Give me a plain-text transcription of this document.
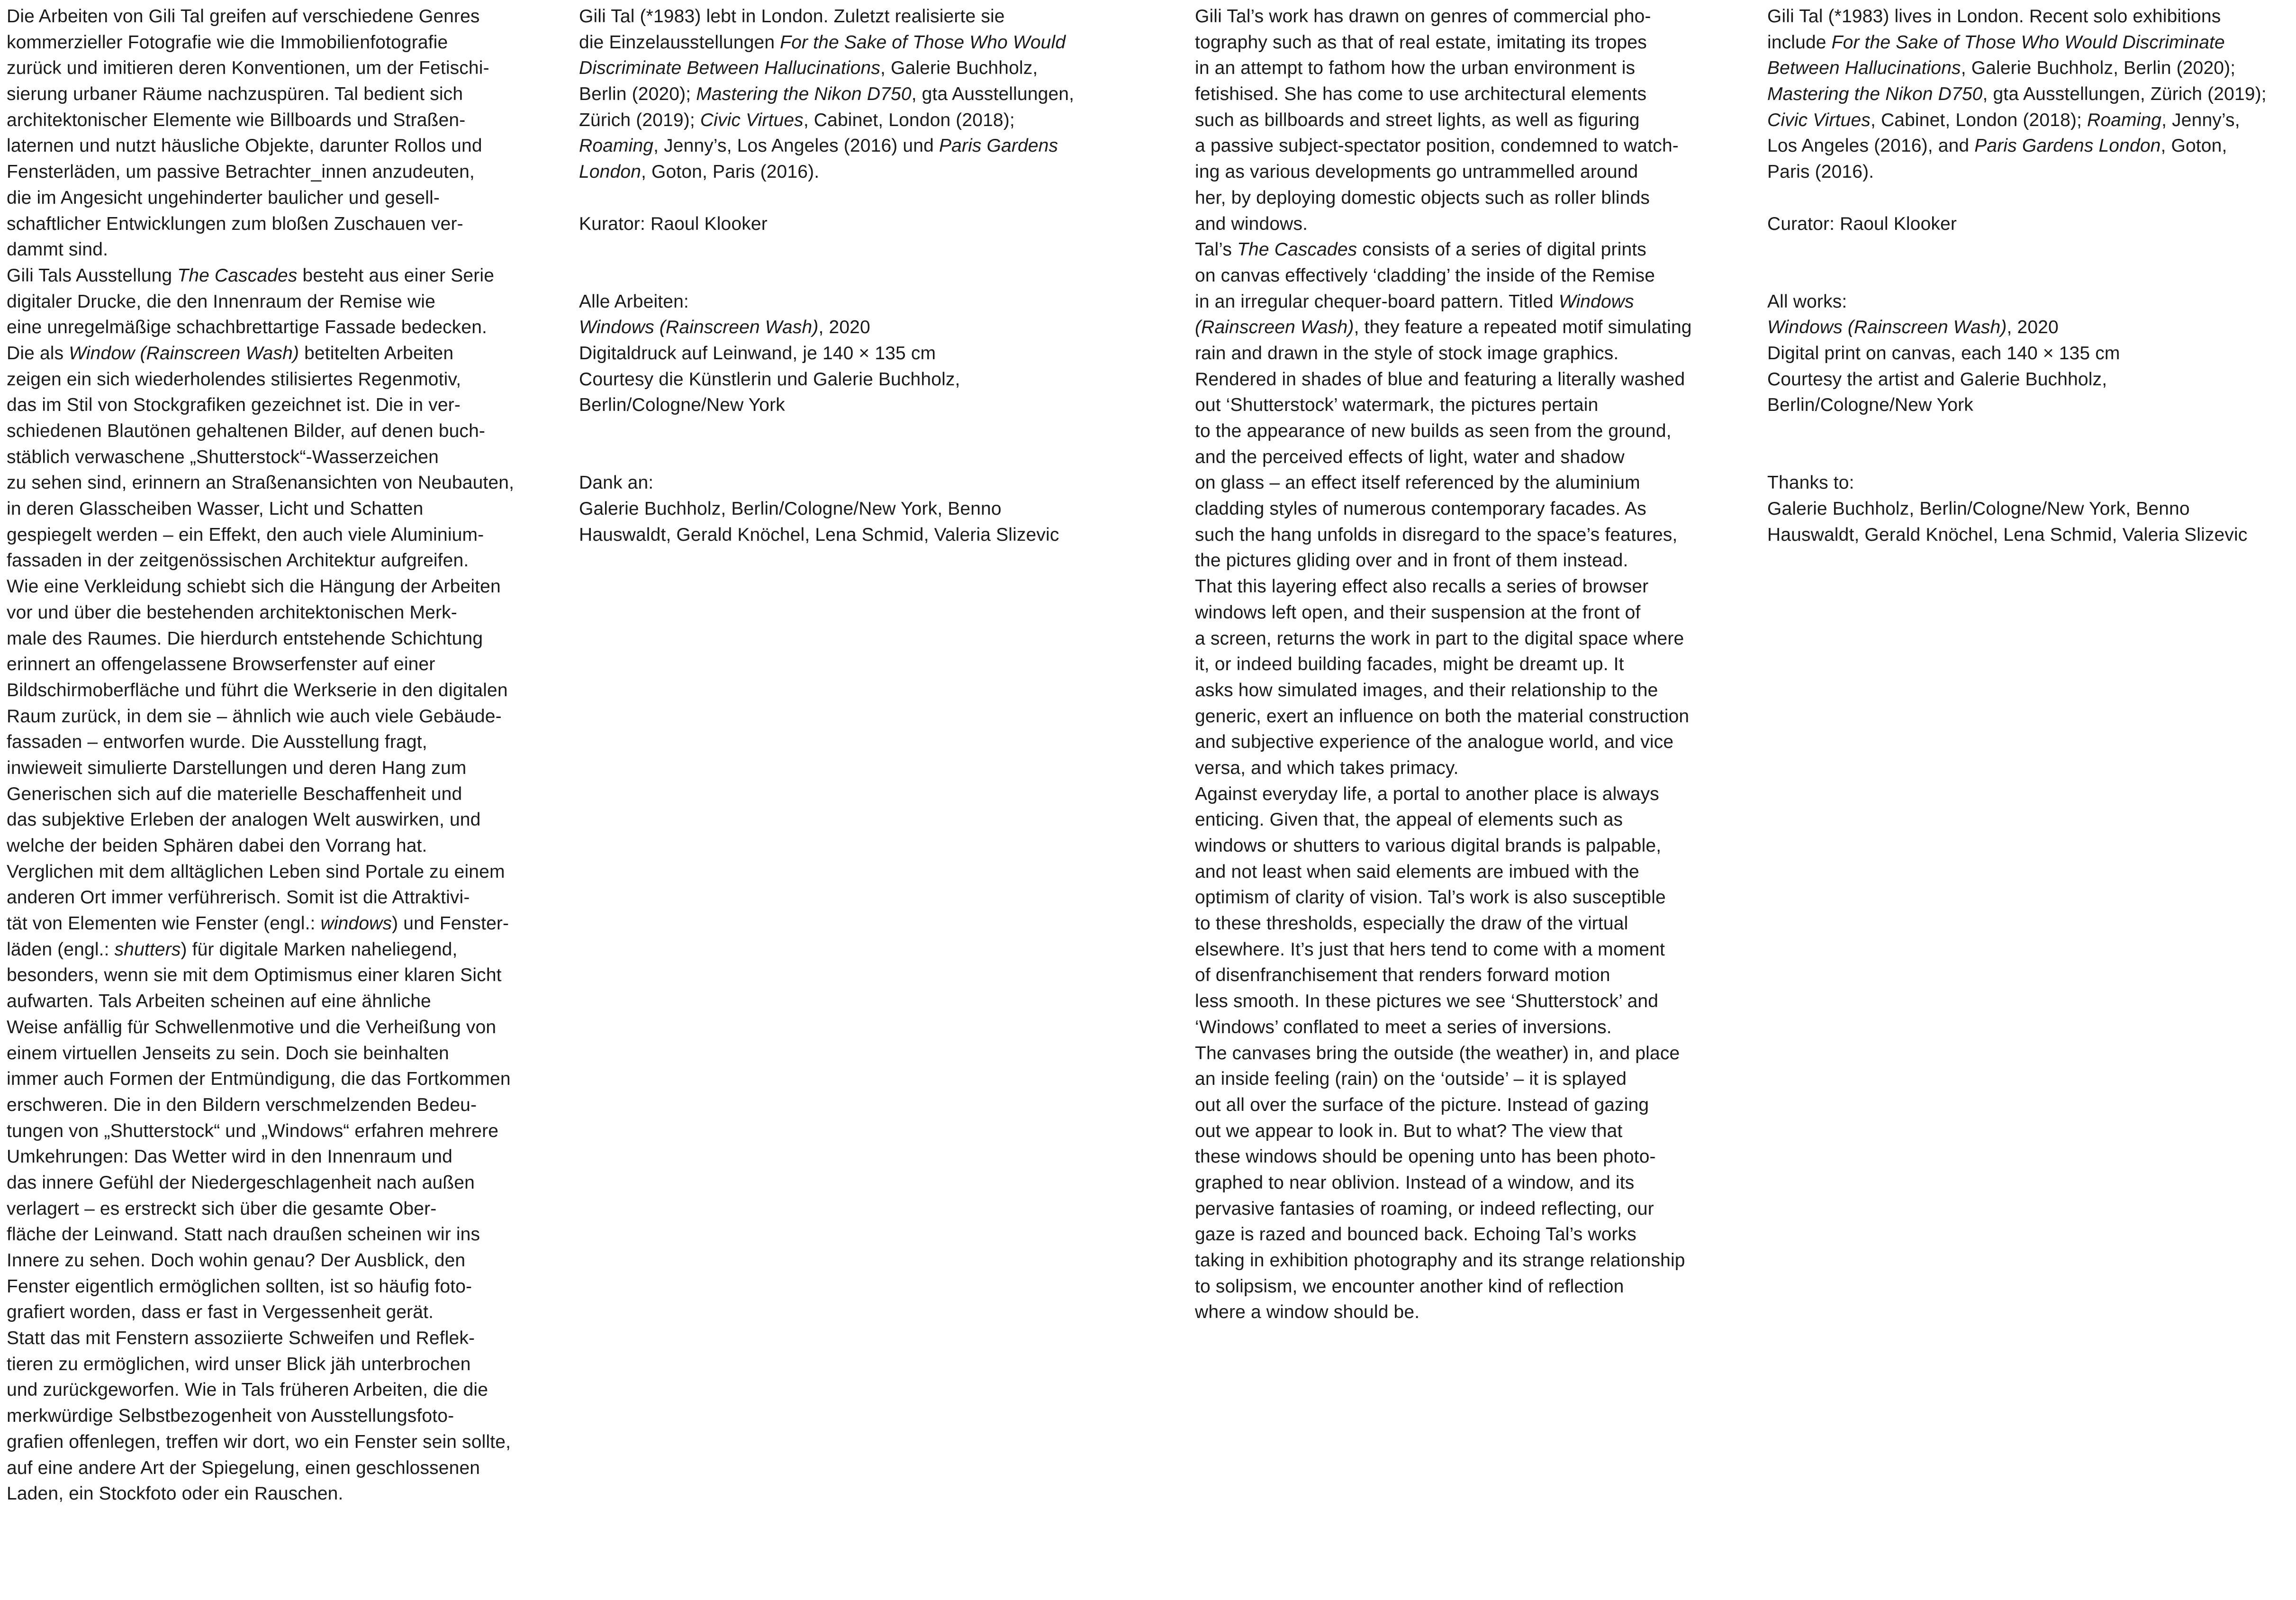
Die Arbeiten von Gili Tal greifen auf verschiedene Genres
kommerzieller Fotografie wie die Immobilienfotografie
zurück und imitieren deren Konventionen, um der Fetischi-
sierung urbaner Räume nachzuspüren. Tal bedient sich
architektonischer Elemente wie Billboards und Straßen-
laternen und nutzt häusliche Objekte, darunter Rollos und
Fensterläden, um passive Betrachter_innen anzudeuten,
die im Angesicht ungehinderter baulicher und gesell-
schaftlicher Entwicklungen zum bloßen Zuschauen ver-
dammt sind.
Gili Tals Ausstellung The Cascades besteht aus einer Serie
digitaler Drucke, die den Innenraum der Remise wie
eine unregelmäßige schachbrettartige Fassade bedecken.
Die als Window (Rainscreen Wash) betitelten Arbeiten
zeigen ein sich wiederholendes stilisiertes Regenmotiv,
das im Stil von Stockgrafiken gezeichnet ist. Die in ver-
schiedenen Blautönen gehaltenen Bilder, auf denen buch-
stäblich verwaschene „Shutterstock“-Wasserzeichen
zu sehen sind, erinnern an Straßenansichten von Neubauten,
in deren Glasscheiben Wasser, Licht und Schatten
gespiegelt werden – ein Effekt, den auch viele Aluminium-
fassaden in der zeitgenössischen Architektur aufgreifen.
Wie eine Verkleidung schiebt sich die Hängung der Arbeiten
vor und über die bestehenden architektonischen Merk-
male des Raumes. Die hierdurch entstehende Schichtung
erinnert an offengelassene Browserfenster auf einer
Bildschirmoberfläche und führt die Werkserie in den digitalen
Raum zurück, in dem sie – ähnlich wie auch viele Gebäude-
fassaden – entworfen wurde. Die Ausstellung fragt,
inwieweit simulierte Darstellungen und deren Hang zum
Generischen sich auf die materielle Beschaffenheit und
das subjektive Erleben der analogen Welt auswirken, und
welche der beiden Sphären dabei den Vorrang hat.
Verglichen mit dem alltäglichen Leben sind Portale zu einem
anderen Ort immer verführerisch. Somit ist die Attraktivi-
tät von Elementen wie Fenster (engl.: windows) und Fenster-
läden (engl.: shutters) für digitale Marken naheliegend,
besonders, wenn sie mit dem Optimismus einer klaren Sicht
aufwarten. Tals Arbeiten scheinen auf eine ähnliche
Weise anfällig für Schwellenmotive und die Verheißung von
einem virtuellen Jenseits zu sein. Doch sie beinhalten
immer auch Formen der Entmündigung, die das Fortkommen
erschweren. Die in den Bildern verschmelzenden Bedeu-
tungen von „Shutterstock“ und „Windows“ erfahren mehrere
Umkehrungen: Das Wetter wird in den Innenraum und
das innere Gefühl der Niedergeschlagenheit nach außen
verlagert – es erstreckt sich über die gesamte Ober-
fläche der Leinwand. Statt nach draußen scheinen wir ins
Innere zu sehen. Doch wohin genau? Der Ausblick, den
Fenster eigentlich ermöglichen sollten, ist so häufig foto-
grafiert worden, dass er fast in Vergessenheit gerät.
Statt das mit Fenstern assoziierte Schweifen und Reflek-
tieren zu ermöglichen, wird unser Blick jäh unterbrochen
und zurückgeworfen. Wie in Tals früheren Arbeiten, die die
merkwürdige Selbstbezogenheit von Ausstellungsfoto-
grafien offenlegen, treffen wir dort, wo ein Fenster sein sollte,
auf eine andere Art der Spiegelung, einen geschlossenen
Laden, ein Stockfoto oder ein Rauschen.
Gili Tal (*1983) lebt in London. Zuletzt realisierte sie
die Einzelausstellungen For the Sake of Those Who Would
Discriminate Between Hallucinations, Galerie Buchholz,
Berlin (2020); Mastering the Nikon D750, gta Ausstellungen,
Zürich (2019); Civic Virtues, Cabinet, London (2018);
Roaming, Jenny’s, Los Angeles (2016) und Paris Gardens
London, Goton, Paris (2016).
Kurator: Raoul Klooker
Alle Arbeiten:
Windows (Rainscreen Wash), 2020
Digitaldruck auf Leinwand, je 140 × 135 cm
Courtesy die Künstlerin und Galerie Buchholz,
Berlin/Cologne/New York
Dank an:
Galerie Buchholz, Berlin/Cologne/New York, Benno
Hauswaldt, Gerald Knöchel, Lena Schmid, Valeria Slizevic
Gili Tal’s work has drawn on genres of commercial pho-
tography such as that of real estate, imitating its tropes
in an attempt to fathom how the urban environment is
fetishised. She has come to use architectural elements
such as billboards and street lights, as well as figuring
a passive subject-spectator position, condemned to watch-
ing as various developments go untrammelled around
her, by deploying domestic objects such as roller blinds
and windows.
Tal’s The Cascades consists of a series of digital prints
on canvas effectively ‘cladding’ the inside of the Remise
in an irregular chequer-board pattern. Titled Windows
(Rainscreen Wash), they feature a repeated motif simulating
rain and drawn in the style of stock image graphics.
Rendered in shades of blue and featuring a literally washed
out ‘Shutterstock’ watermark, the pictures pertain
to the appearance of new builds as seen from the ground,
and the perceived effects of light, water and shadow
on glass – an effect itself referenced by the aluminium
cladding styles of numerous contemporary facades. As
such the hang unfolds in disregard to the space’s features,
the pictures gliding over and in front of them instead.
That this layering effect also recalls a series of browser
windows left open, and their suspension at the front of
a screen, returns the work in part to the digital space where
it, or indeed building facades, might be dreamt up. It
asks how simulated images, and their relationship to the
generic, exert an influence on both the material construction
and subjective experience of the analogue world, and vice
versa, and which takes primacy.
Against everyday life, a portal to another place is always
enticing. Given that, the appeal of elements such as
windows or shutters to various digital brands is palpable,
and not least when said elements are imbued with the
optimism of clarity of vision. Tal’s work is also susceptible
to these thresholds, especially the draw of the virtual
elsewhere. It’s just that hers tend to come with a moment
of disenfranchisement that renders forward motion
less smooth. In these pictures we see ‘Shutterstock’ and
‘Windows’ conflated to meet a series of inversions.
The canvases bring the outside (the weather) in, and place
an inside feeling (rain) on the ‘outside’ – it is splayed
out all over the surface of the picture. Instead of gazing
out we appear to look in. But to what? The view that
these windows should be opening unto has been photo-
graphed to near oblivion. Instead of a window, and its
pervasive fantasies of roaming, or indeed reflecting, our
gaze is razed and bounced back. Echoing Tal’s works
taking in exhibition photography and its strange relationship
to solipsism, we encounter another kind of reflection
where a window should be.
Gili Tal (*1983) lives in London. Recent solo exhibitions
include For the Sake of Those Who Would Discriminate
Between Hallucinations, Galerie Buchholz, Berlin (2020);
Mastering the Nikon D750, gta Ausstellungen, Zürich (2019);
Civic Virtues, Cabinet, London (2018); Roaming, Jenny’s,
Los Angeles (2016), and Paris Gardens London, Goton,
Paris (2016).
Curator: Raoul Klooker
All works:
Windows (Rainscreen Wash), 2020
Digital print on canvas, each 140 × 135 cm
Courtesy the artist and Galerie Buchholz,
Berlin/Cologne/New York
Thanks to:
Galerie Buchholz, Berlin/Cologne/New York, Benno
Hauswaldt, Gerald Knöchel, Lena Schmid, Valeria Slizevic
